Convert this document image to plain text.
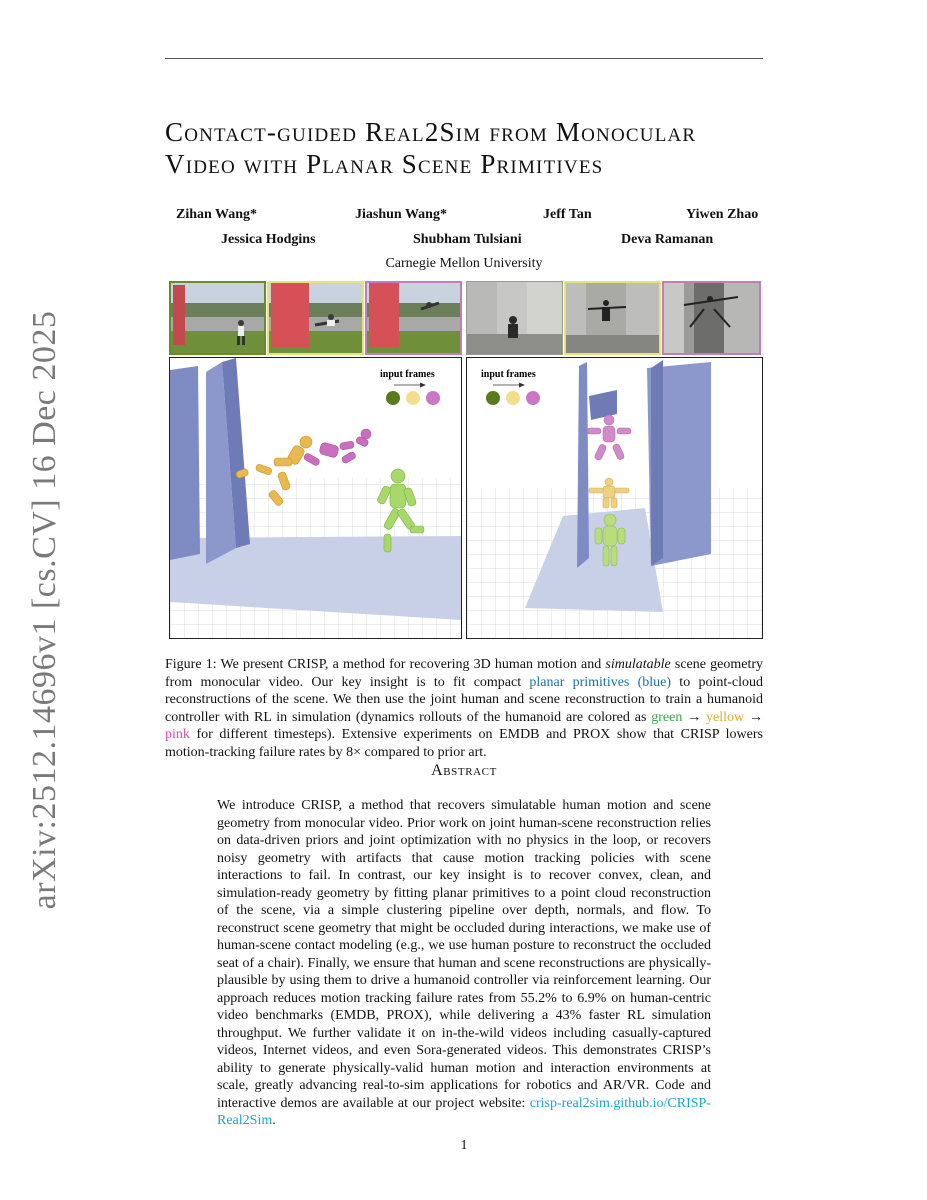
arXiv:2512.14696v1 [cs.CV] 16 Dec 2025
Contact-guided Real2Sim from Monocular
Video with Planar Scene Primitives
Zihan Wang*	Jiashun Wang*	Jeff Tan	Yiwen Zhao
Jessica Hodgins	Shubham Tulsiani	Deva Ramanan
Carnegie Mellon University
input frames	input frames
Figure 1: We present CRISP, a method for recovering 3D human motion and simulatable scene geometry from monocular video. Our key insight is to fit compact planar primitives (blue) to point-cloud reconstructions of the scene. We then use the joint human and scene reconstruction to train a humanoid controller with RL in simulation (dynamics rollouts of the humanoid are colored as green → yellow → pink for different timesteps). Extensive experiments on EMDB and PROX show that CRISP lowers motion-tracking failure rates by 8× compared to prior art.
Abstract
We introduce CRISP, a method that recovers simulatable human motion and scene geometry from monocular video. Prior work on joint human-scene reconstruction relies on data-driven priors and joint optimization with no physics in the loop, or recovers noisy geometry with artifacts that cause motion tracking policies with scene interactions to fail. In contrast, our key insight is to recover convex, clean, and simulation-ready geometry by fitting planar primitives to a point cloud reconstruction of the scene, via a simple clustering pipeline over depth, normals, and flow. To reconstruct scene geometry that might be occluded during interactions, we make use of human-scene contact modeling (e.g., we use human posture to reconstruct the occluded seat of a chair). Finally, we ensure that human and scene reconstructions are physically-plausible by using them to drive a humanoid controller via reinforcement learning. Our approach reduces motion tracking failure rates from 55.2% to 6.9% on human-centric video benchmarks (EMDB, PROX), while delivering a 43% faster RL simulation throughput. We further validate it on in-the-wild videos including casually-captured videos, Internet videos, and even Sora-generated videos. This demonstrates CRISP’s ability to generate physically-valid human motion and interaction environments at scale, greatly advancing real-to-sim applications for robotics and AR/VR. Code and interactive demos are available at our project website: crisp-real2sim.github.io/CRISP-Real2Sim.
1
